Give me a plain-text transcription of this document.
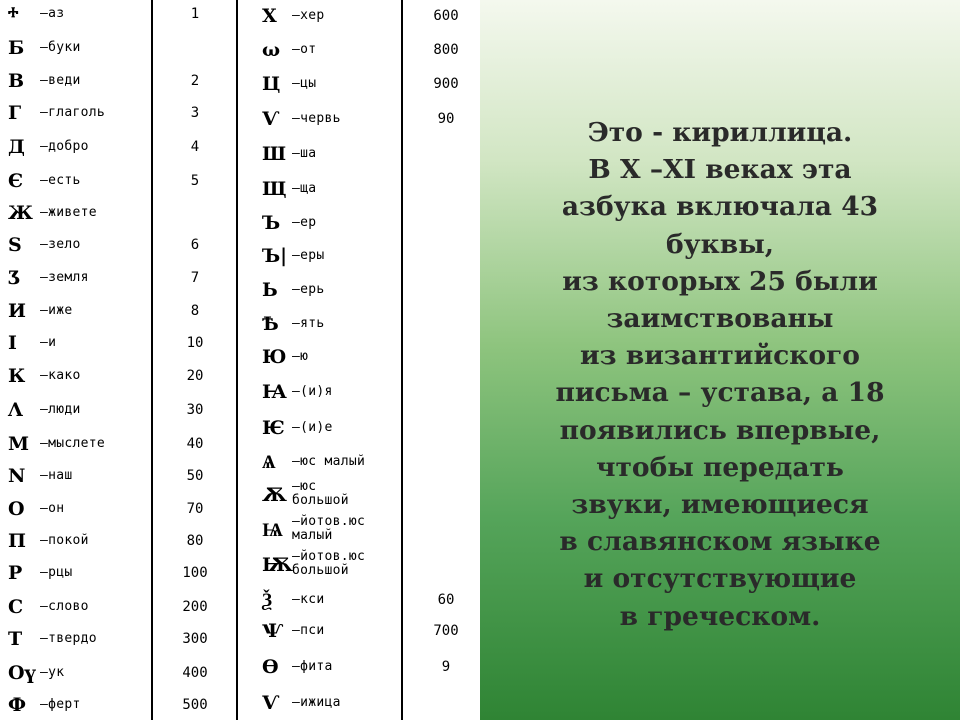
ⰰ —аз	1
Б —буки
В —веди	2
Г —глаголь	3
Д —добро	4
Є —есть	5
Ж —живете
S —зело	6
Ʒ —земля	7
И —иже	8
І —и	10
К —како	20
Λ —люди	30
М —мыслете	40
N —наш	50
О —он	70
П —покой	80
Р —рцы	100
С —слово	200
Т —твердо	300
Оү —ук	400
Ф —ферт	500
Х —хер	600
ω —от	800
Ц —цы	900
Ѵ —червь	90
Ш —ша
Щ —ща
Ъ —ер
Ъ| —еры
Ь —ерь
Ѣ —ять
Ю —ю
Ꙗ —(и)я
Ѥ —(и)е
Ѧ —юс малый
Ѫ —юс
большой
Ѩ —йотов.юс
малый
Ѭ —йотов.юс
большой
Ѯ —кси	60
Ѱ —пси	700
Ѳ —фита	9
Ѵ —ижица
Это - кириллица.
В Х –ХI веках эта
азбука включала 43
буквы,
из которых 25 были
заимствованы
из византийского
письма – устава, а 18
появились впервые,
чтобы передать
звуки, имеющиеся
в славянском языке
и отсутствующие
в греческом.
